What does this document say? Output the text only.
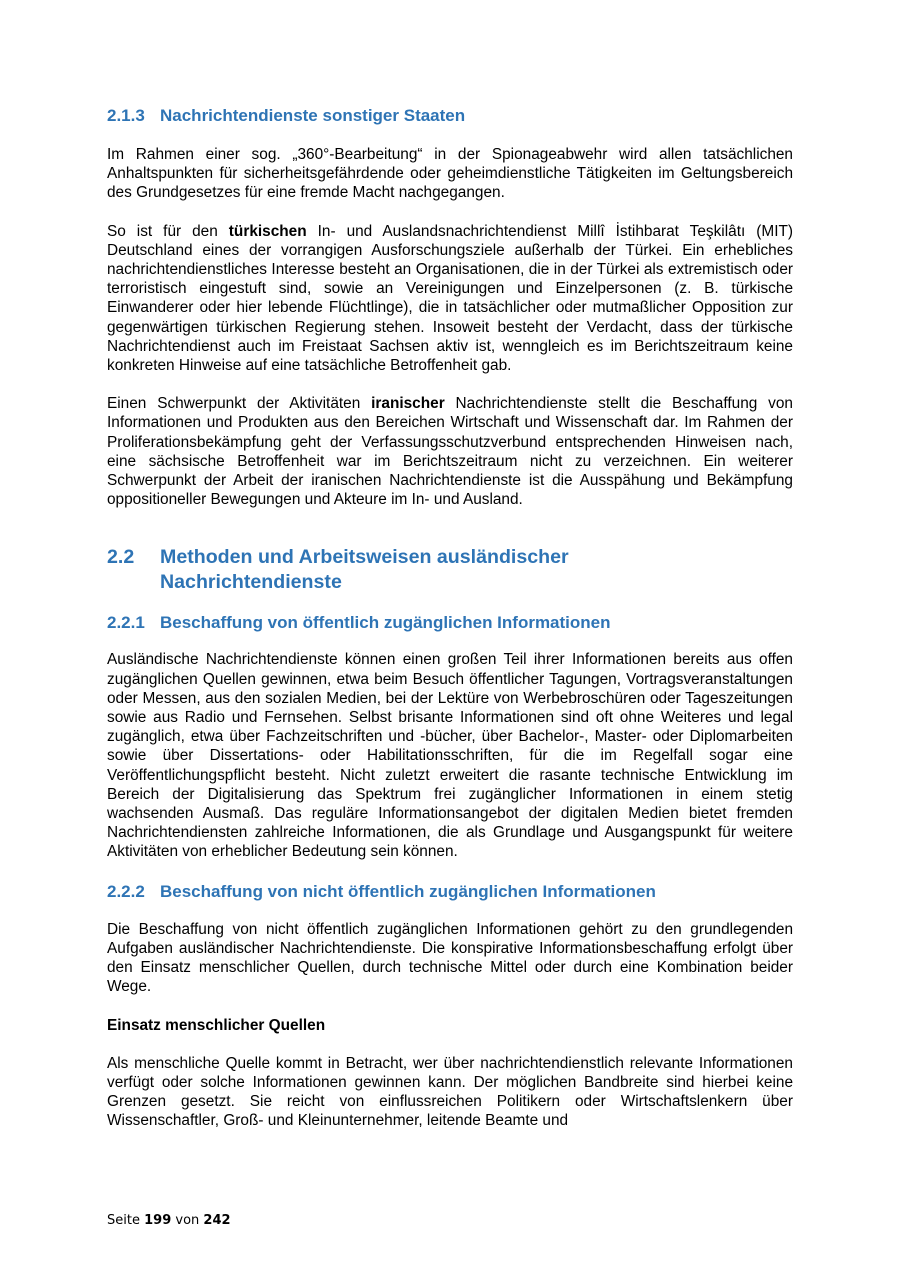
2.1.3 Nachrichtendienste sonstiger Staaten

Im Rahmen einer sog. „360°-Bearbeitung“ in der Spionageabwehr wird allen tatsächlichen Anhaltspunkten für sicherheitsgefährdende oder geheimdienstliche Tätigkeiten im Geltungsbereich des Grundgesetzes für eine fremde Macht nachgegangen.

So ist für den türkischen In- und Auslandsnachrichtendienst Millî İstihbarat Teşkilâtı (MIT) Deutschland eines der vorrangigen Ausforschungsziele außerhalb der Türkei. Ein erhebliches nachrichtendienstliches Interesse besteht an Organisationen, die in der Türkei als extremistisch oder terroristisch eingestuft sind, sowie an Vereinigungen und Einzelpersonen (z. B. türkische Einwanderer oder hier lebende Flüchtlinge), die in tatsächlicher oder mutmaßlicher Opposition zur gegenwärtigen türkischen Regierung stehen. Insoweit besteht der Verdacht, dass der türkische Nachrichtendienst auch im Freistaat Sachsen aktiv ist, wenngleich es im Berichtszeitraum keine konkreten Hinweise auf eine tatsächliche Betroffenheit gab.

Einen Schwerpunkt der Aktivitäten iranischer Nachrichtendienste stellt die Beschaffung von Informationen und Produkten aus den Bereichen Wirtschaft und Wissenschaft dar. Im Rahmen der Proliferationsbekämpfung geht der Verfassungsschutzverbund entsprechenden Hinweisen nach, eine sächsische Betroffenheit war im Berichtszeitraum nicht zu verzeichnen. Ein weiterer Schwerpunkt der Arbeit der iranischen Nachrichtendienste ist die Ausspähung und Bekämpfung oppositioneller Bewegungen und Akteure im In- und Ausland.

2.2	Methoden und Arbeitsweisen ausländischer
Nachrichtendienste
2.2.1 Beschaffung von öffentlich zugänglichen Informationen

Ausländische Nachrichtendienste können einen großen Teil ihrer Informationen bereits aus offen zugänglichen Quellen gewinnen, etwa beim Besuch öffentlicher Tagungen, Vortragsveranstaltungen oder Messen, aus den sozialen Medien, bei der Lektüre von Werbebroschüren oder Tageszeitungen sowie aus Radio und Fernsehen. Selbst brisante Informationen sind oft ohne Weiteres und legal zugänglich, etwa über Fachzeitschriften und -bücher, über Bachelor-, Master- oder Diplomarbeiten sowie über Dissertations- oder Habilitationsschriften, für die im Regelfall sogar eine Veröffentlichungspflicht besteht. Nicht zuletzt erweitert die rasante technische Entwicklung im Bereich der Digitalisierung das Spektrum frei zugänglicher Informationen in einem stetig wachsenden Ausmaß. Das reguläre Informationsangebot der digitalen Medien bietet fremden Nachrichtendiensten zahlreiche Informationen, die als Grundlage und Ausgangspunkt für weitere Aktivitäten von erheblicher Bedeutung sein können.

2.2.2 Beschaffung von nicht öffentlich zugänglichen Informationen

Die Beschaffung von nicht öffentlich zugänglichen Informationen gehört zu den grundlegenden Aufgaben ausländischer Nachrichtendienste. Die konspirative Informationsbeschaffung erfolgt über den Einsatz menschlicher Quellen, durch technische Mittel oder durch eine Kombination beider Wege.

Einsatz menschlicher Quellen

Als menschliche Quelle kommt in Betracht, wer über nachrichtendienstlich relevante Informationen verfügt oder solche Informationen gewinnen kann. Der möglichen Bandbreite sind hierbei keine Grenzen gesetzt. Sie reicht von einflussreichen Politikern oder Wirtschaftslenkern über Wissenschaftler, Groß- und Kleinunternehmer, leitende Beamte und

Seite 199 von 242
